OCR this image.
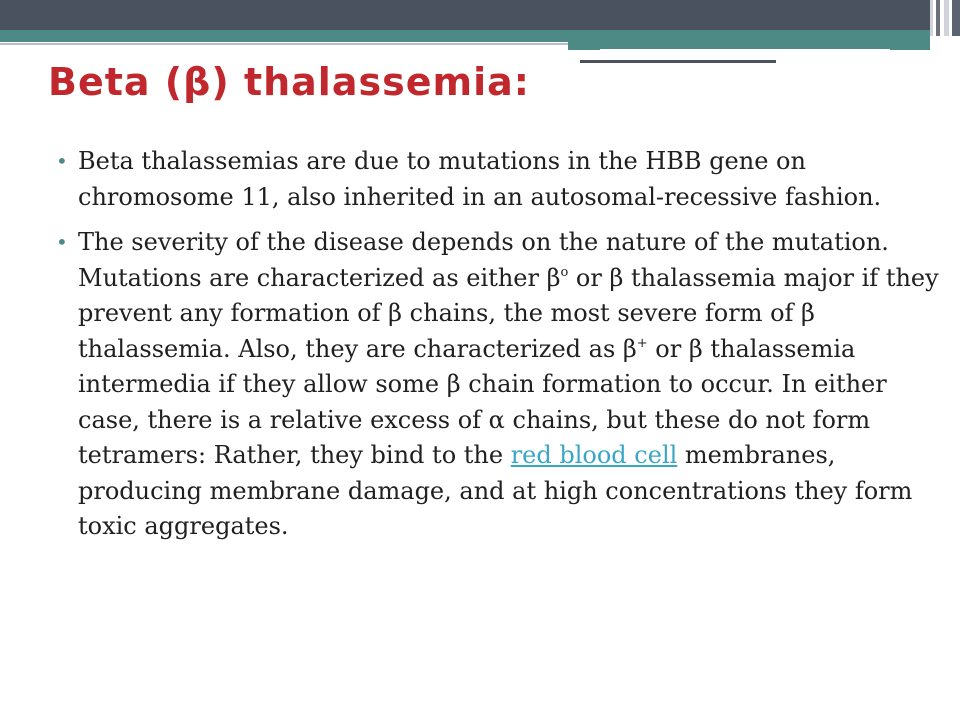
Beta (β) thalassemia:
• Beta thalassemias are due to mutations in the HBB gene on chromosome 11, also inherited in an autosomal-recessive fashion.
• The severity of the disease depends on the nature of the mutation. Mutations are characterized as either $\beta^o$ or β thalassemia major if they prevent any formation of β chains, the most severe form of β thalassemia. Also, they are characterized as β+ or β thalassemia intermedia if they allow some β chain formation to occur. In either case, there is a relative excess of α chains, but these do not form tetramers: Rather, they bind to the red blood cell membranes, producing membrane damage, and at high concentrations they form toxic aggregates.
